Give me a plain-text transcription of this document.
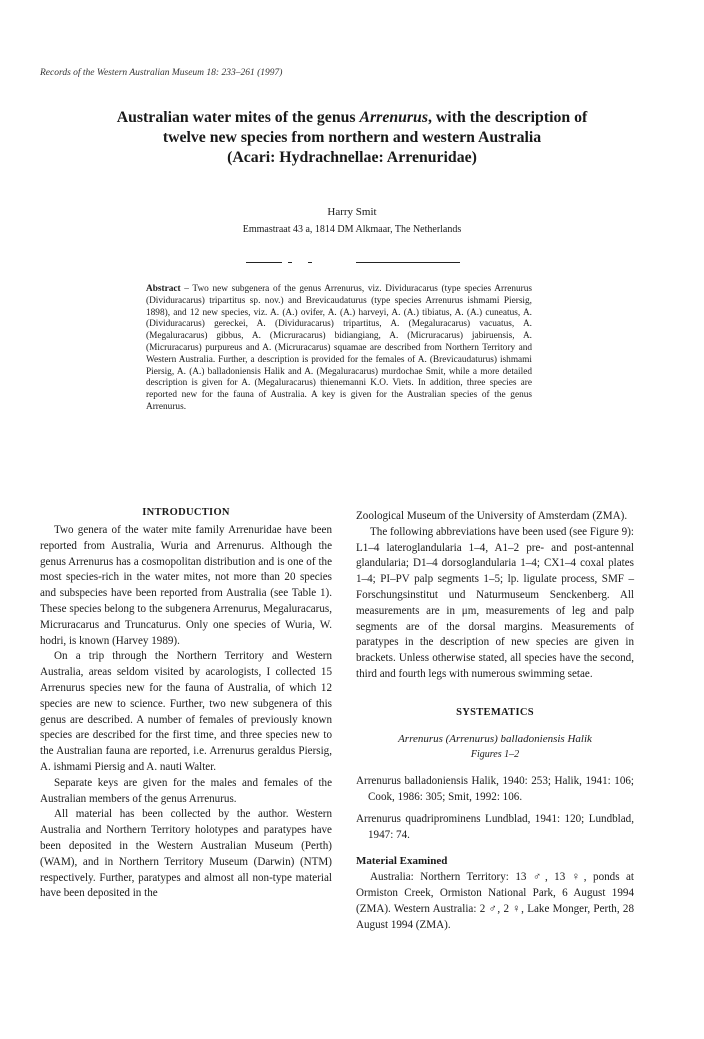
Records of the Western Australian Museum 18: 233–261 (1997)
Australian water mites of the genus Arrenurus, with the description of
twelve new species from northern and western Australia
(Acari: Hydrachnellae: Arrenuridae)
Harry Smit
Emmastraat 43 a, 1814 DM Alkmaar, The Netherlands
Abstract – Two new subgenera of the genus Arrenurus, viz. Dividuracarus (type species Arrenurus (Dividuracarus) tripartitus sp. nov.) and Brevicaudaturus (type species Arrenurus ishmami Piersig, 1898), and 12 new species, viz. A. (A.) ovifer, A. (A.) harveyi, A. (A.) tibiatus, A. (A.) cuneatus, A. (Dividuracarus) gereckei, A. (Dividuracarus) tripartitus, A. (Megaluracarus) vacuatus, A. (Megaluracarus) gibbus, A. (Micruracarus) bidiangiang, A. (Micruracarus) jabiruensis, A. (Micruracarus) purpureus and A. (Micruracarus) squamae are described from Northern Territory and Western Australia. Further, a description is provided for the females of A. (Brevicaudaturus) ishmami Piersig, A. (A.) balladoniensis Halik and A. (Megaluracarus) murdochae Smit, while a more detailed description is given for A. (Megaluracarus) thienemanni K.O. Viets. In addition, three species are reported new for the fauna of Australia. A key is given for the Australian species of the genus Arrenurus.
INTRODUCTION

Two genera of the water mite family Arrenuridae have been reported from Australia, Wuria and Arrenurus. Although the genus Arrenurus has a cosmopolitan distribution and is one of the most species-rich in the water mites, not more than 20 species and subspecies have been reported from Australia (see Table 1). These species belong to the subgenera Arrenurus, Megaluracarus, Micruracarus and Truncaturus. Only one species of Wuria, W. hodri, is known (Harvey 1989).

On a trip through the Northern Territory and Western Australia, areas seldom visited by acarologists, I collected 15 Arrenurus species new for the fauna of Australia, of which 12 species are new to science. Further, two new subgenera of this genus are described. A number of females of previously known species are described for the first time, and three species new to the Australian fauna are reported, i.e. Arrenurus geraldus Piersig, A. ishmami Piersig and A. nauti Walter.

Separate keys are given for the males and females of the Australian members of the genus Arrenurus.

All material has been collected by the author. Western Australia and Northern Territory holotypes and paratypes have been deposited in the Western Australian Museum (Perth) (WAM), and in Northern Territory Museum (Darwin) (NTM) respectively. Further, paratypes and almost all non-type material have been deposited in the

Zoological Museum of the University of Amsterdam (ZMA).

The following abbreviations have been used (see Figure 9): L1–4 lateroglandularia 1–4, A1–2 pre- and post-antennal glandularia; D1–4 dorsoglandularia 1–4; CX1–4 coxal plates 1–4; PI–PV palp segments 1–5; lp. ligulate process, SMF – Forschungsinstitut und Naturmuseum Senckenberg. All measurements are in μm, measurements of leg and palp segments are of the dorsal margins. Measurements of paratypes in the description of new species are given in brackets. Unless otherwise stated, all species have the second, third and fourth legs with numerous swimming setae.

SYSTEMATICS
Arrenurus (Arrenurus) balladoniensis Halik
Figures 1–2

Arrenurus balladoniensis Halik, 1940: 253; Halik, 1941: 106; Cook, 1986: 305; Smit, 1992: 106.

Arrenurus quadriprominens Lundblad, 1941: 120; Lundblad, 1947: 74.

Material Examined

Australia: Northern Territory: 13 ♂, 13 ♀, ponds at Ormiston Creek, Ormiston National Park, 6 August 1994 (ZMA). Western Australia: 2 ♂, 2 ♀, Lake Monger, Perth, 28 August 1994 (ZMA).
